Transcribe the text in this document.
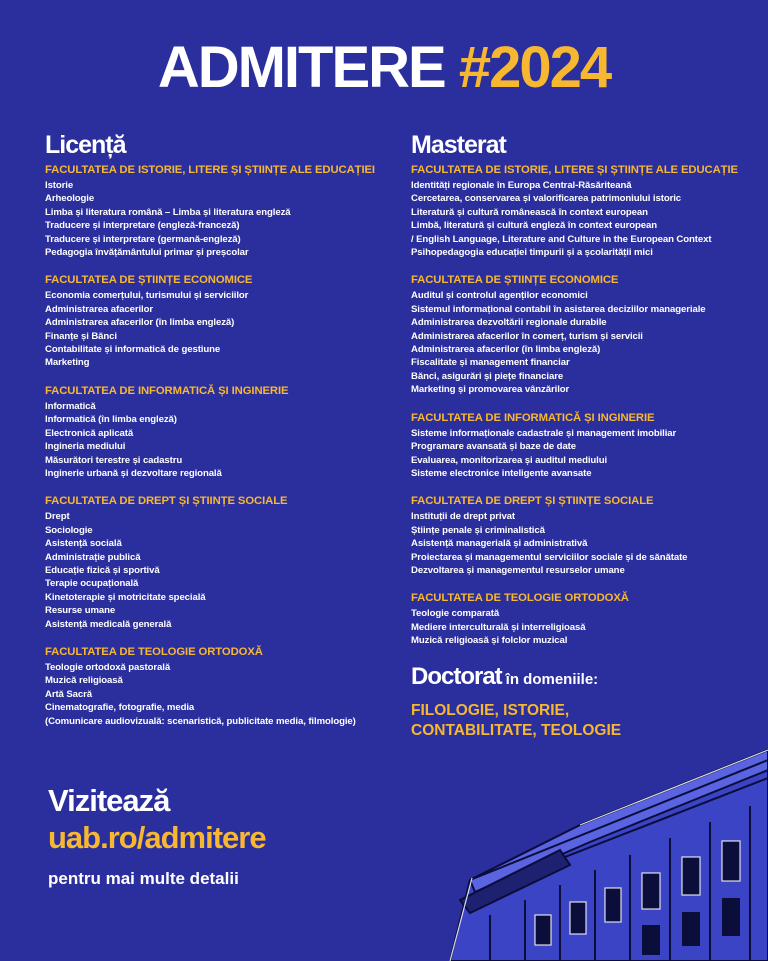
ADMITERE #2024
Licență
FACULTATEA DE ISTORIE, LITERE ȘI ȘTIINȚE ALE EDUCAȚIEI
Istorie
Arheologie
Limba și literatura română – Limba și literatura engleză
Traducere și interpretare (engleză-franceză)
Traducere și interpretare (germană-engleză)
Pedagogia învățământului primar și preșcolar
FACULTATEA DE ȘTIINȚE ECONOMICE
Economia comerțului, turismului și serviciilor
Administrarea afacerilor
Administrarea afacerilor (în limba engleză)
Finanțe și Bănci
Contabilitate și informatică de gestiune
Marketing
FACULTATEA DE INFORMATICĂ ȘI INGINERIE
Informatică
Informatică (în limba engleză)
Electronică aplicată
Ingineria mediului
Măsurători terestre și cadastru
Inginerie urbană și dezvoltare regională
FACULTATEA DE DREPT ȘI ȘTIINȚE SOCIALE
Drept
Sociologie
Asistență socială
Administrație publică
Educație fizică și sportivă
Terapie ocupațională
Kinetoterapie și motricitate specială
Resurse umane
Asistență medicală generală
FACULTATEA DE TEOLOGIE ORTODOXĂ
Teologie ortodoxă pastorală
Muzică religioasă
Artă Sacră
Cinematografie, fotografie, media
(Comunicare audiovizuală: scenaristică, publicitate media, filmologie)
Masterat
FACULTATEA DE ISTORIE, LITERE ȘI ȘTIINȚE ALE EDUCAȚIE
Identități regionale în Europa Central-Răsăriteană
Cercetarea, conservarea și valorificarea patrimoniului istoric
Literatură și cultură românească în context european
Limbă, literatură și cultură engleză în context european
/ English Language, Literature and Culture in the European Context
Psihopedagogia educației timpurii și a școlarității mici
FACULTATEA DE ȘTIINȚE ECONOMICE
Auditul și controlul agenților economici
Sistemul informațional contabil în asistarea deciziilor manageriale
Administrarea dezvoltării regionale durabile
Administrarea afacerilor în comerț, turism și servicii
Administrarea afacerilor (în limba engleză)
Fiscalitate și management financiar
Bănci, asigurări și piețe financiare
Marketing și promovarea vânzărilor
FACULTATEA DE INFORMATICĂ ȘI INGINERIE
Sisteme informaționale cadastrale și management imobiliar
Programare avansată și baze de date
Evaluarea, monitorizarea și auditul mediului
Sisteme electronice inteligente avansate
FACULTATEA DE DREPT ȘI ȘTIINȚE SOCIALE
Instituții de drept privat
Științe penale și criminalistică
Asistență managerială și administrativă
Proiectarea și managementul serviciilor sociale și de sănătate
Dezvoltarea și managementul resurselor umane
FACULTATEA DE TEOLOGIE ORTODOXĂ
Teologie comparată
Mediere interculturală și interreligioasă
Muzică religioasă și folclor muzical
Doctorat în domeniile:
FILOLOGIE, ISTORIE,
CONTABILITATE, TEOLOGIE
Vizitează
uab.ro/admitere
pentru mai multe detalii
